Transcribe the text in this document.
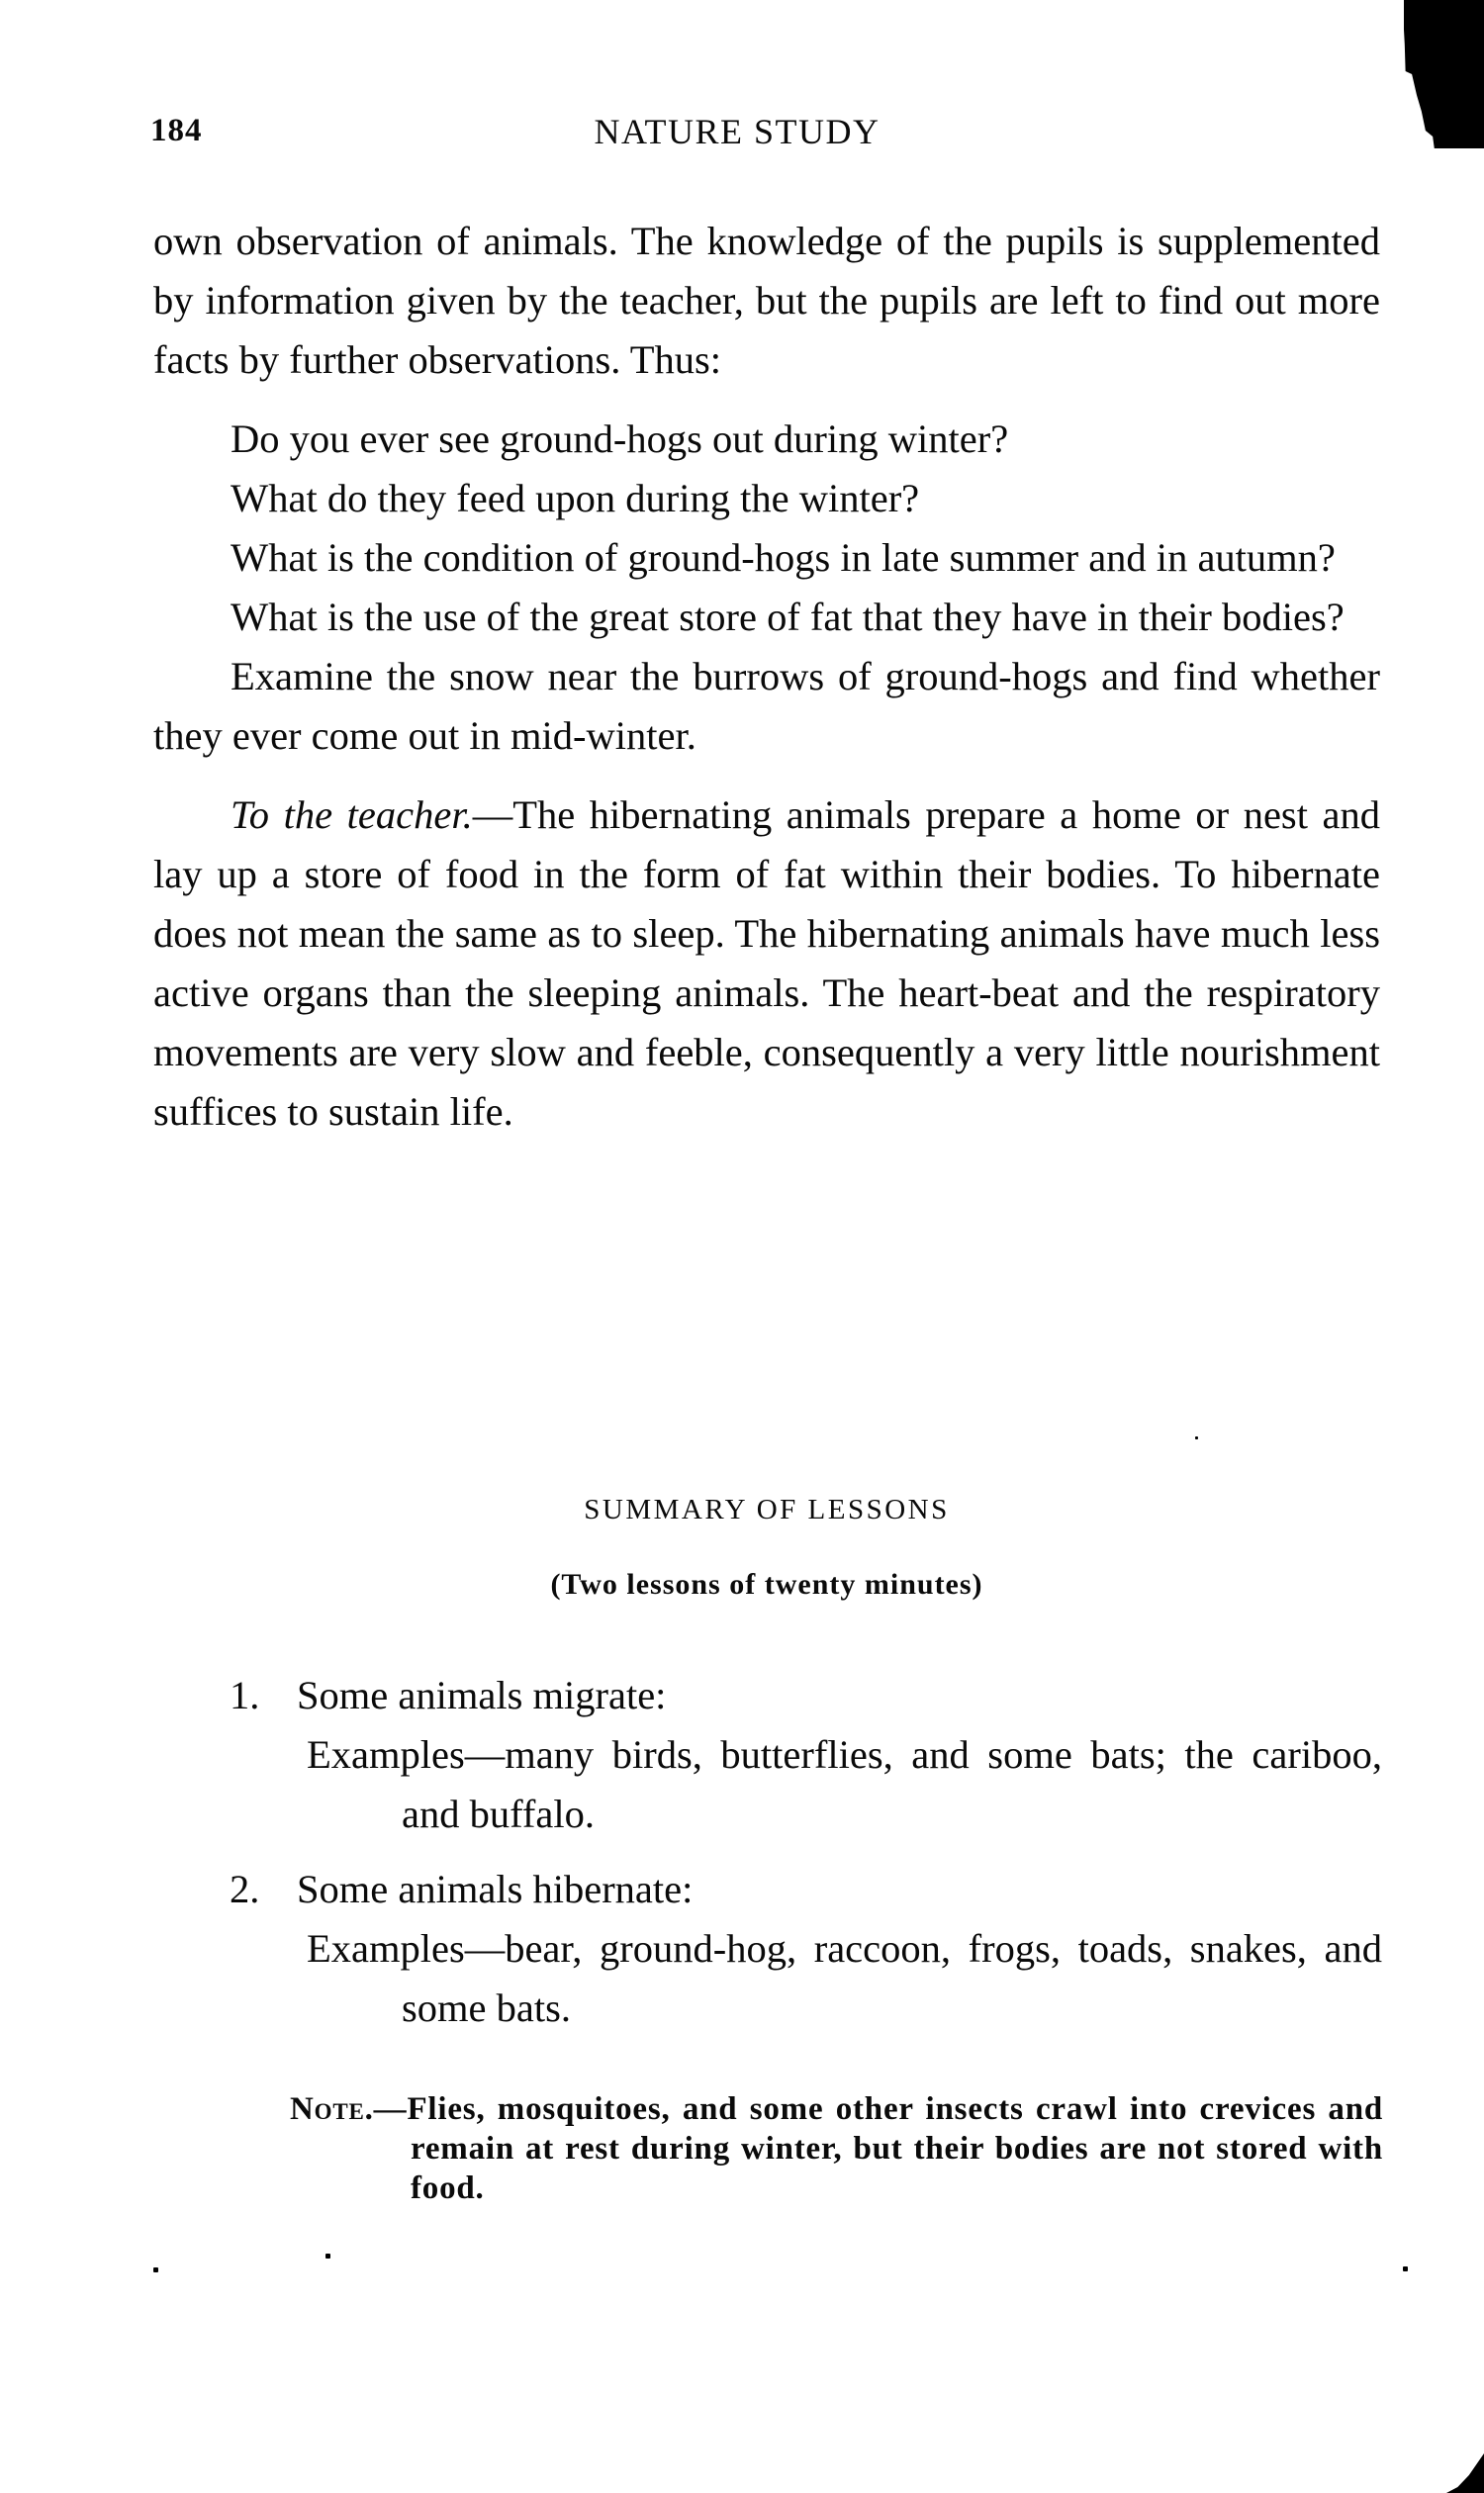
184	NATURE STUDY

own observation of animals. The knowledge of the pupils is supplemented by information given by the teacher, but the pupils are left to find out more facts by further observations. Thus:

Do you ever see ground-hogs out during winter?

What do they feed upon during the winter?

What is the condition of ground-hogs in late summer and in autumn?

What is the use of the great store of fat that they have in their bodies?

Examine the snow near the burrows of ground-hogs and find whether they ever come out in mid-winter.

To the teacher.—The hibernating animals prepare a home or nest and lay up a store of food in the form of fat within their bodies. To hibernate does not mean the same as to sleep. The hibernating animals have much less active organs than the sleeping animals. The heart-beat and the respiratory movements are very slow and feeble, consequently a very little nourishment suffices to sustain life.

SUMMARY OF LESSONS
(Two lessons of twenty minutes)
1. Some animals migrate:
Examples—many birds, butterflies, and some bats; the cariboo, and buffalo.
2. Some animals hibernate:
Examples—bear, ground-hog, raccoon, frogs, toads, snakes, and some bats.
Note.—Flies, mosquitoes, and some other insects crawl into crevices and remain at rest during winter, but their bodies are not stored with food.
